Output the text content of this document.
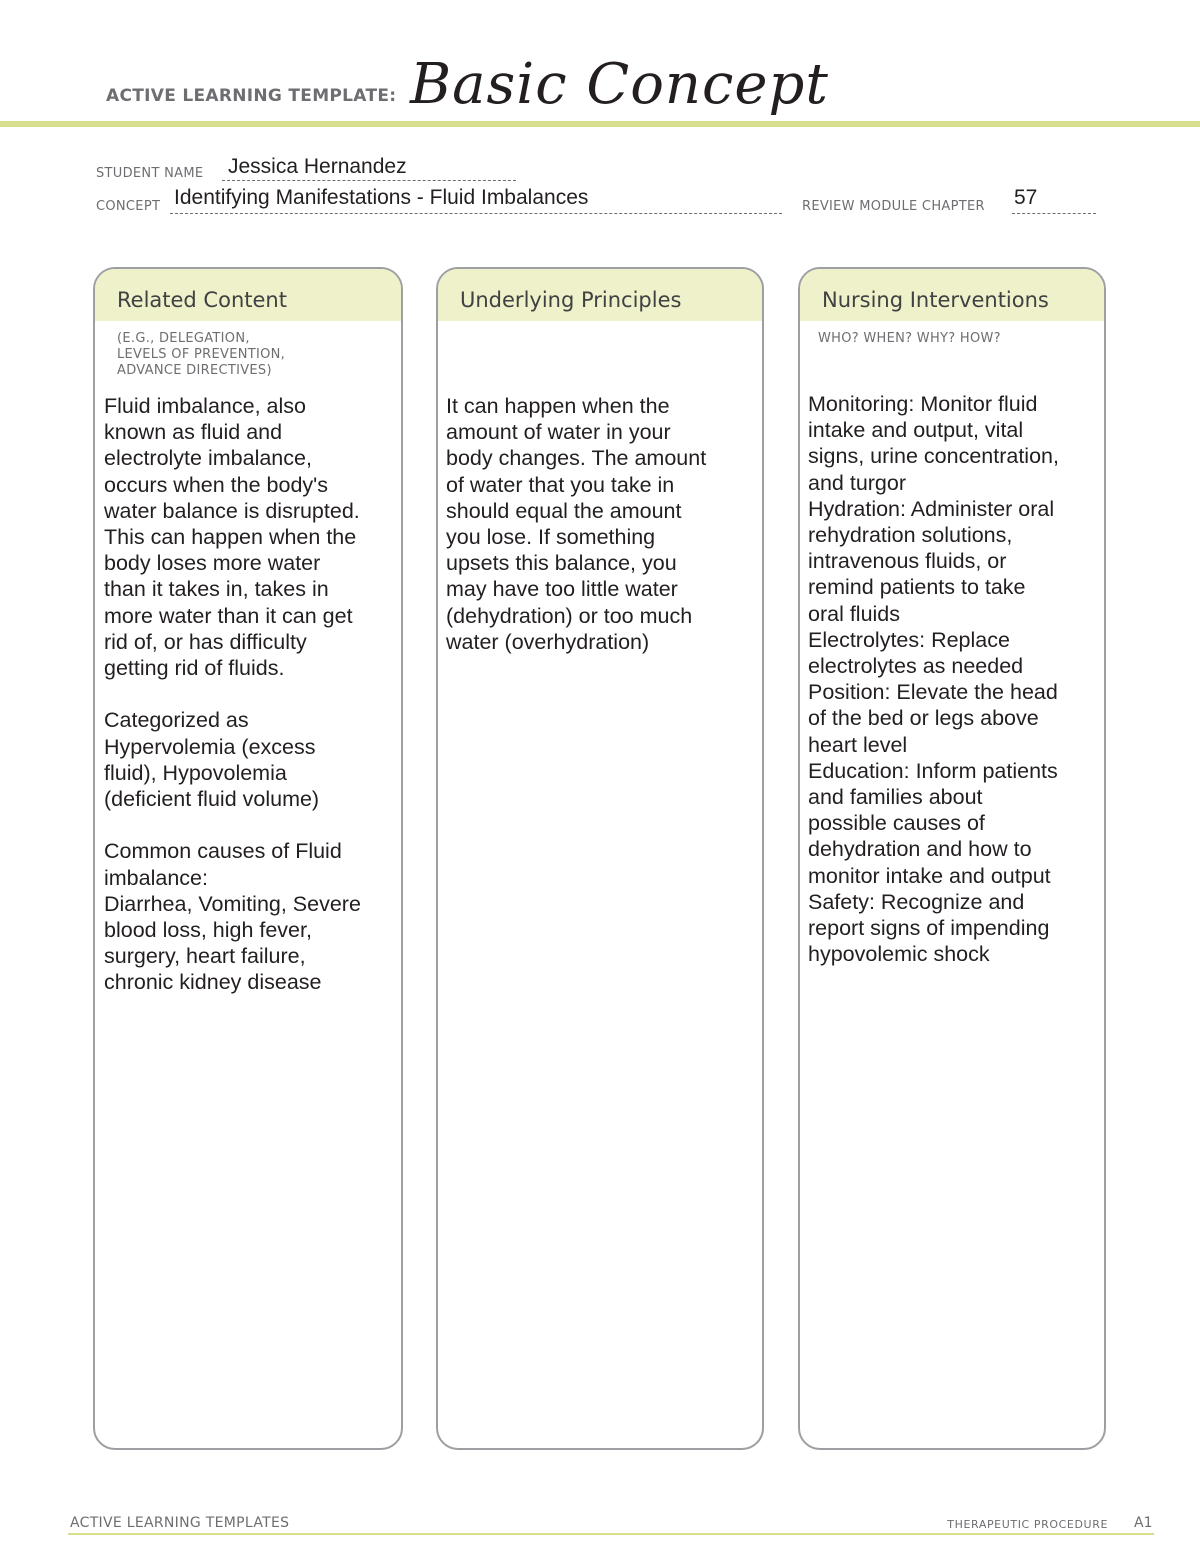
ACTIVE LEARNING TEMPLATE: Basic Concept
STUDENT NAME Jessica Hernandez
CONCEPT Identifying Manifestations - Fluid Imbalances	REVIEW MODULE CHAPTER 57
Related Content
(E.G., DELEGATION,
LEVELS OF PREVENTION,
ADVANCE DIRECTIVES)
Fluid imbalance, also
known as fluid and
electrolyte imbalance,
occurs when the body's
water balance is disrupted.
This can happen when the
body loses more water
than it takes in, takes in
more water than it can get
rid of, or has difficulty
getting rid of fluids.

Categorized as
Hypervolemia (excess
fluid), Hypovolemia
(deficient fluid volume)

Common causes of Fluid
imbalance:
Diarrhea, Vomiting, Severe
blood loss, high fever,
surgery, heart failure,
chronic kidney disease
Underlying Principles
It can happen when the
amount of water in your
body changes. The amount
of water that you take in
should equal the amount
you lose. If something
upsets this balance, you
may have too little water
(dehydration) or too much
water (overhydration)
Nursing Interventions
WHO? WHEN? WHY? HOW?
Monitoring: Monitor fluid
intake and output, vital
signs, urine concentration,
and turgor
Hydration: Administer oral
rehydration solutions,
intravenous fluids, or
remind patients to take
oral fluids
Electrolytes: Replace
electrolytes as needed
Position: Elevate the head
of the bed or legs above
heart level
Education: Inform patients
and families about
possible causes of
dehydration and how to
monitor intake and output
Safety: Recognize and
report signs of impending
hypovolemic shock
ACTIVE LEARNING TEMPLATES	THERAPEUTIC PROCEDURE A1
